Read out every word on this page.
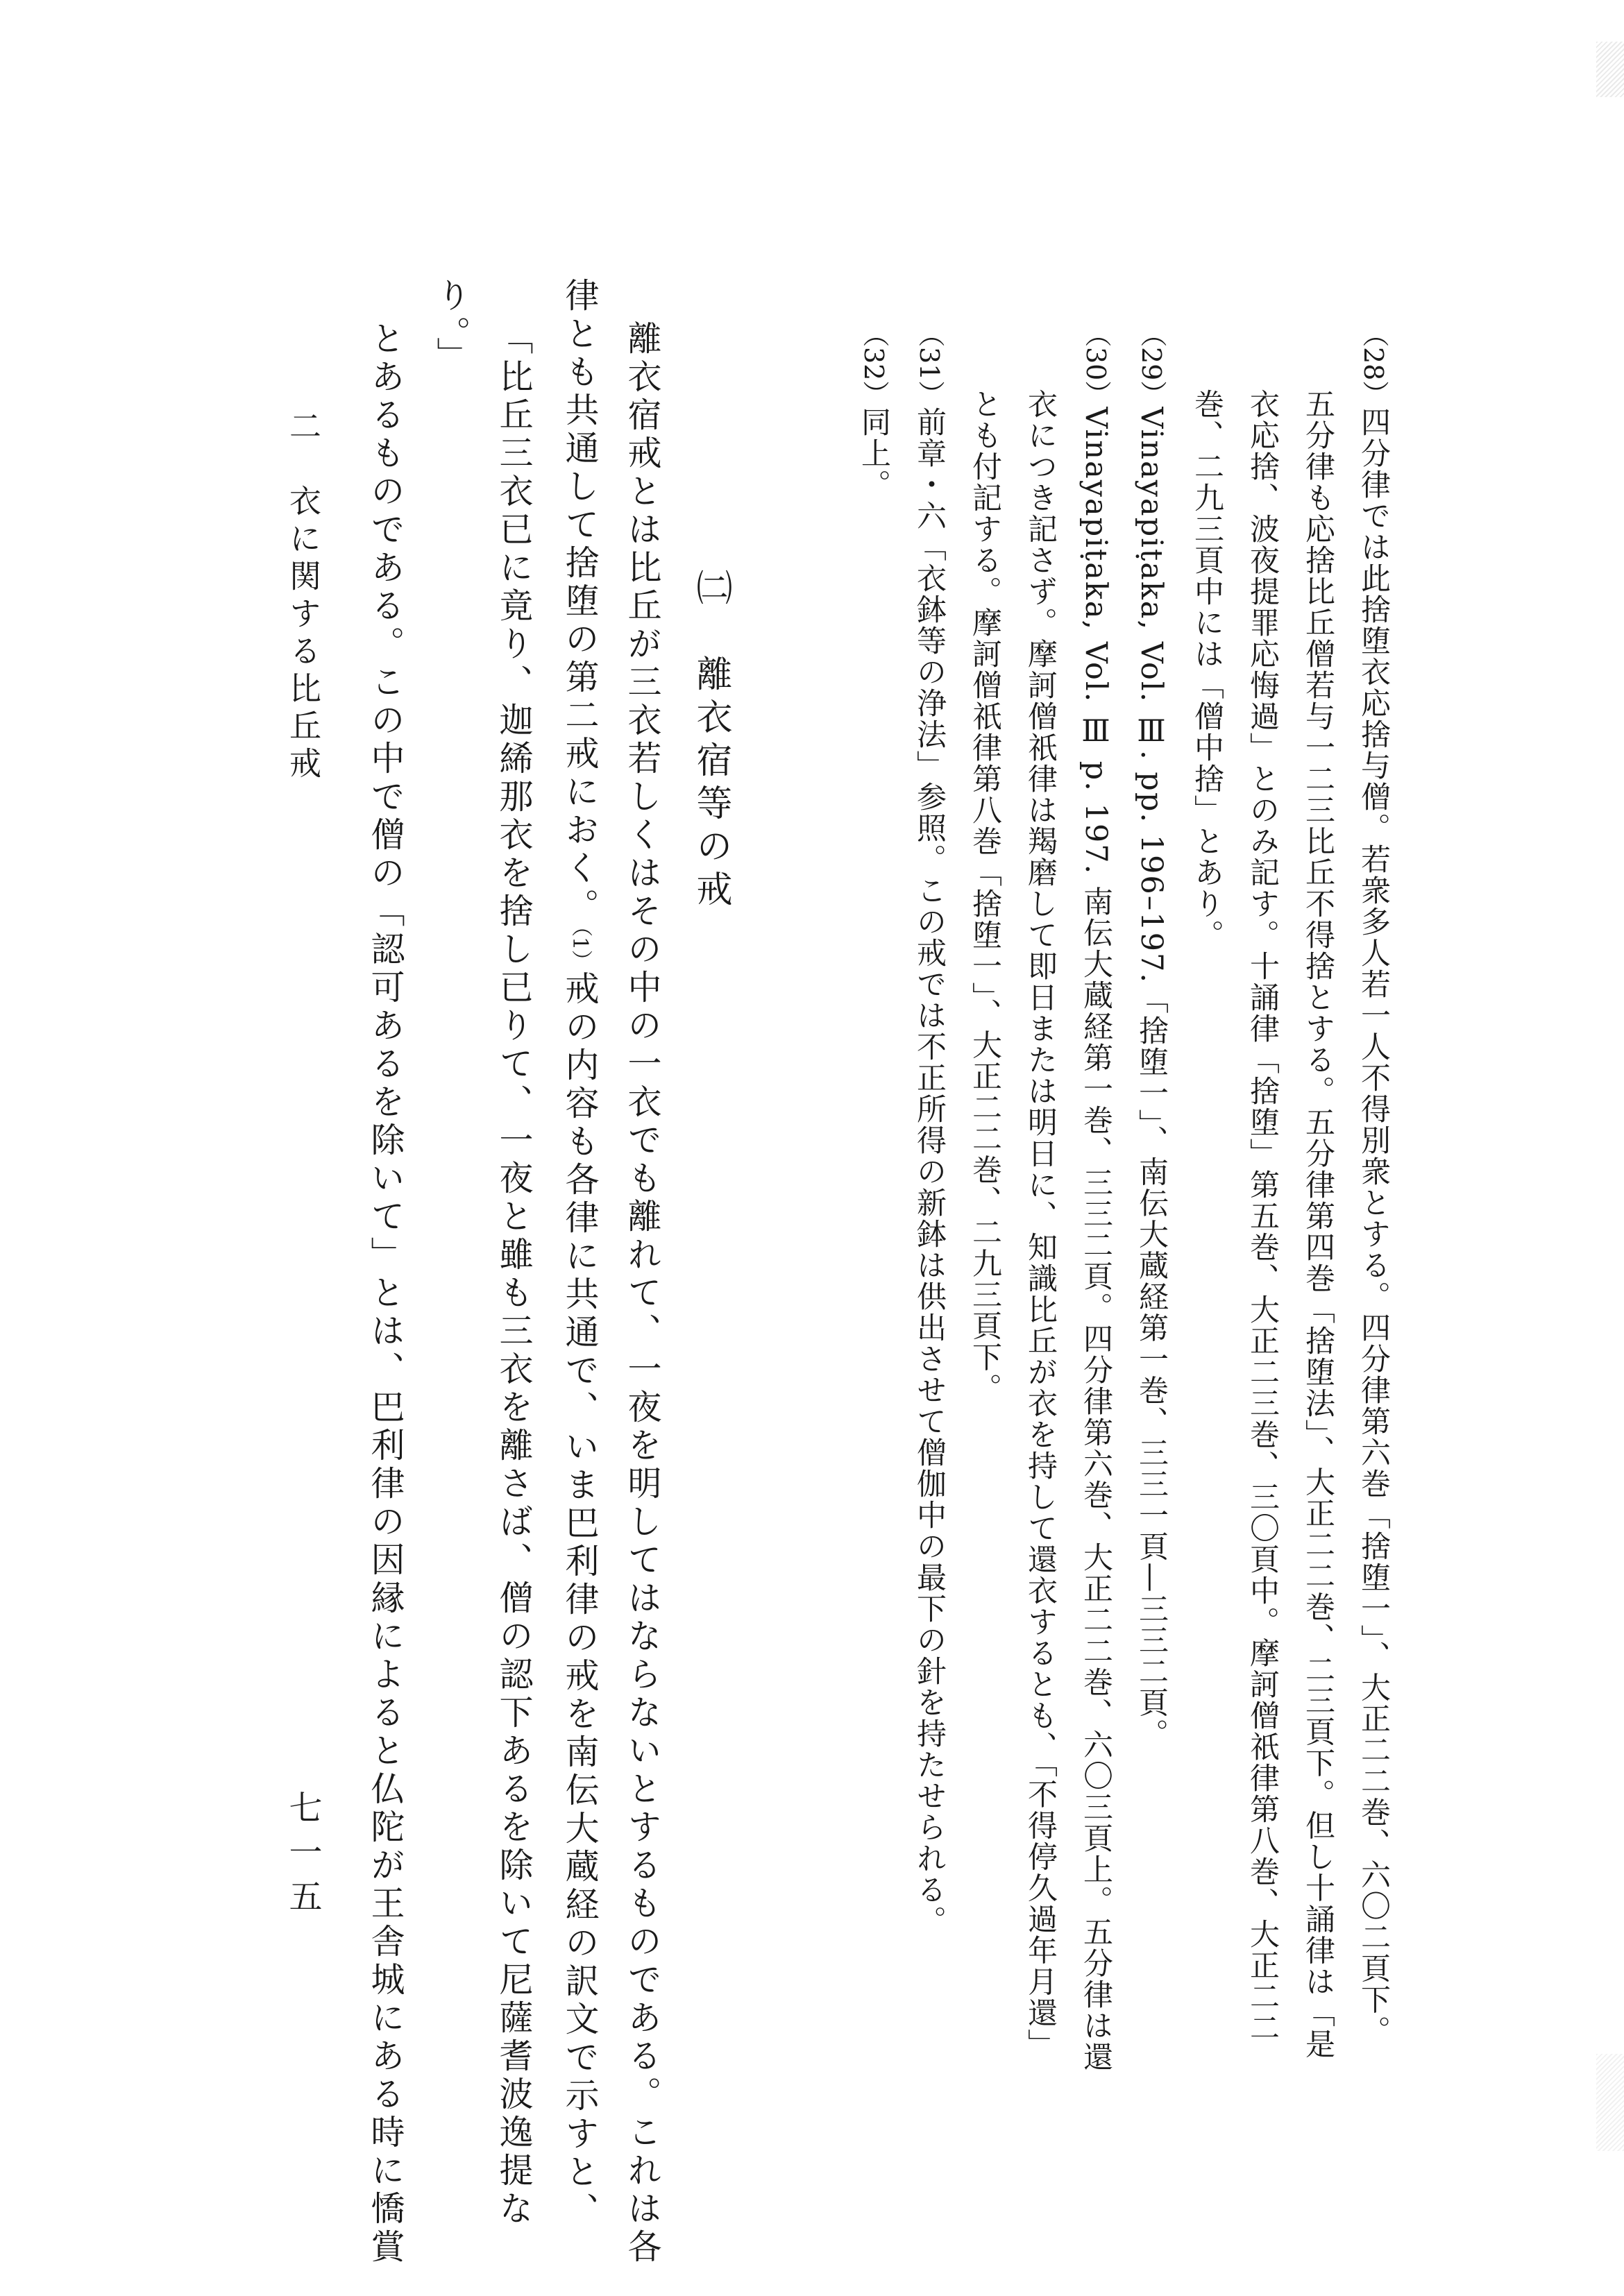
（28）四分律では此捨堕衣応捨与僧。若衆多人若一人不得別衆とする。四分律第六巻「捨堕一」、大正二二巻、六〇二頁下。
五分律も応捨比丘僧若与一二三比丘不得捨とする。五分律第四巻「捨堕法」、大正二二巻、二三頁下。但し十誦律は「是
衣応捨、波夜提罪応悔過」とのみ記す。十誦律「捨堕」第五巻、大正二三巻、三〇頁中。摩訶僧祇律第八巻、大正二二
巻、二九三頁中には「僧中捨」とあり。
（29）Vinayapiṭaka, Vol. Ⅲ. pp. 196–197.「捨堕一」、南伝大蔵経第一巻、三三一頁—三三二頁。
（30）Vinayapiṭaka, Vol. Ⅲ p. 197. 南伝大蔵経第一巻、三三二頁。四分律第六巻、大正二二巻、六〇三頁上。五分律は還
衣につき記さず。摩訶僧祇律は羯磨して即日または明日に、知識比丘が衣を持して還衣するとも、「不得停久過年月還」
とも付記する。摩訶僧祇律第八巻「捨堕一」、大正二二巻、二九三頁下。
（31）前章・六「衣鉢等の浄法」参照。この戒では不正所得の新鉢は供出させて僧伽中の最下の針を持たせられる。
（32）同上。
㈡　離衣宿等の戒
離衣宿戒とは比丘が三衣若しくはその中の一衣でも離れて、一夜を明してはならないとするものである。これは各
律とも共通して捨堕の第二戒におく。（1）戒の内容も各律に共通で、いま巴利律の戒を南伝大蔵経の訳文で示すと、
「比丘三衣已に竟り、迦絺那衣を捨し已りて、一夜と雖も三衣を離さば、僧の認下あるを除いて尼薩耆波逸提な
り。」
とあるものである。この中で僧の「認可あるを除いて」とは、巴利律の因縁によると仏陀が王舎城にある時に憍賞
二　衣に関する比丘戒
七一五
